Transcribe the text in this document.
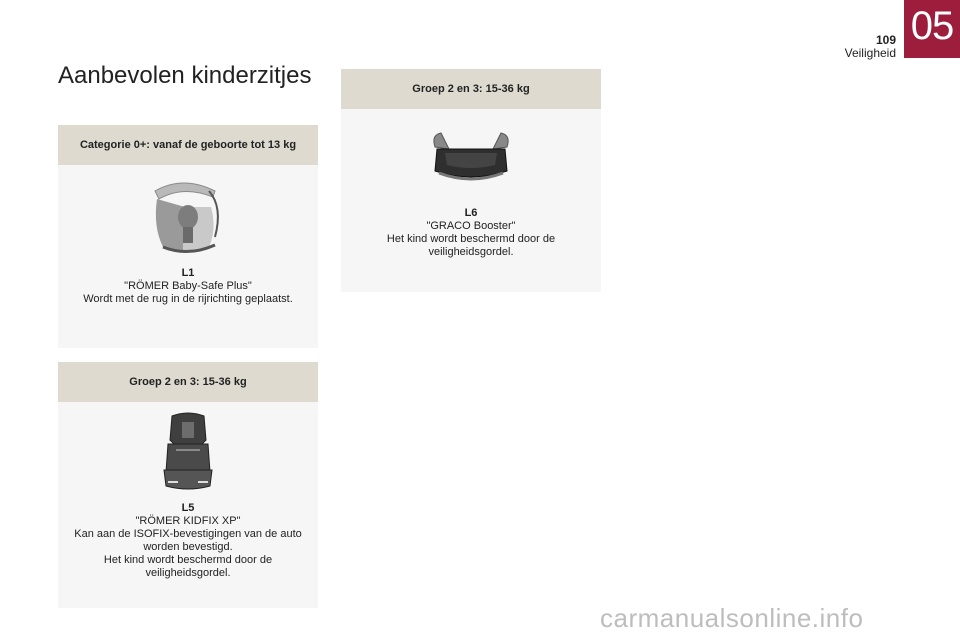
109
Veiligheid
05
Aanbevolen kinderzitjes
Categorie 0+: vanaf de geboorte tot 13 kg
L1
"RÖMER Baby-Safe Plus"
Wordt met de rug in de rijrichting geplaatst.
Groep 2 en 3: 15-36 kg
L5
"RÖMER KIDFIX XP"
Kan aan de ISOFIX-bevestigingen van de auto
worden bevestigd.
Het kind wordt beschermd door de
veiligheidsgordel.
Groep 2 en 3: 15-36 kg
L6
"GRACO Booster"
Het kind wordt beschermd door de
veiligheidsgordel.
carmanualsonline.info
